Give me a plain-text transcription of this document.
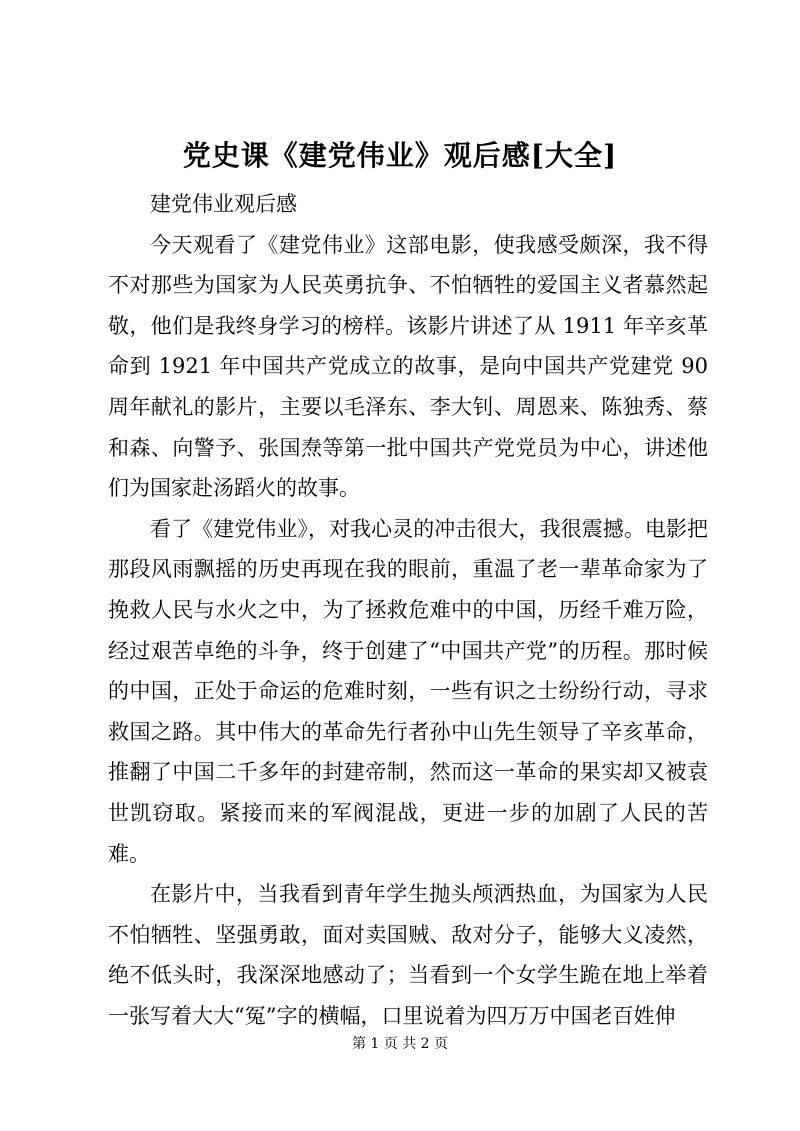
党史课《建党伟业》观后感[大全]

建党伟业观后感

今天观看了《建党伟业》这部电影，使我感受颇深，我不得不对那些为国家为人民英勇抗争、不怕牺牲的爱国主义者慕然起敬，他们是我终身学习的榜样。该影片讲述了从 1911 年辛亥革命到 1921 年中国共产党成立的故事，是向中国共产党建党 90 周年献礼的影片，主要以毛泽东、李大钊、周恩来、陈独秀、蔡和森、向警予、张国焘等第一批中国共产党党员为中心，讲述他们为国家赴汤蹈火的故事。

看了《建党伟业》，对我心灵的冲击很大，我很震撼。电影把那段风雨飘摇的历史再现在我的眼前，重温了老一辈革命家为了挽救人民与水火之中，为了拯救危难中的中国，历经千难万险，经过艰苦卓绝的斗争，终于创建了“中国共产党”的历程。那时候的中国，正处于命运的危难时刻，一些有识之士纷纷行动，寻求救国之路。其中伟大的革命先行者孙中山先生领导了辛亥革命，推翻了中国二千多年的封建帝制，然而这一革命的果实却又被袁世凯窃取。紧接而来的军阀混战，更进一步的加剧了人民的苦难。

在影片中，当我看到青年学生抛头颅洒热血，为国家为人民不怕牺牲、坚强勇敢，面对卖国贼、敌对分子，能够大义凌然，绝不低头时，我深深地感动了；当看到一个女学生跪在地上举着一张写着大大“冤”字的横幅，口里说着为四万万中国老百姓伸

第 1 页 共 2 页
